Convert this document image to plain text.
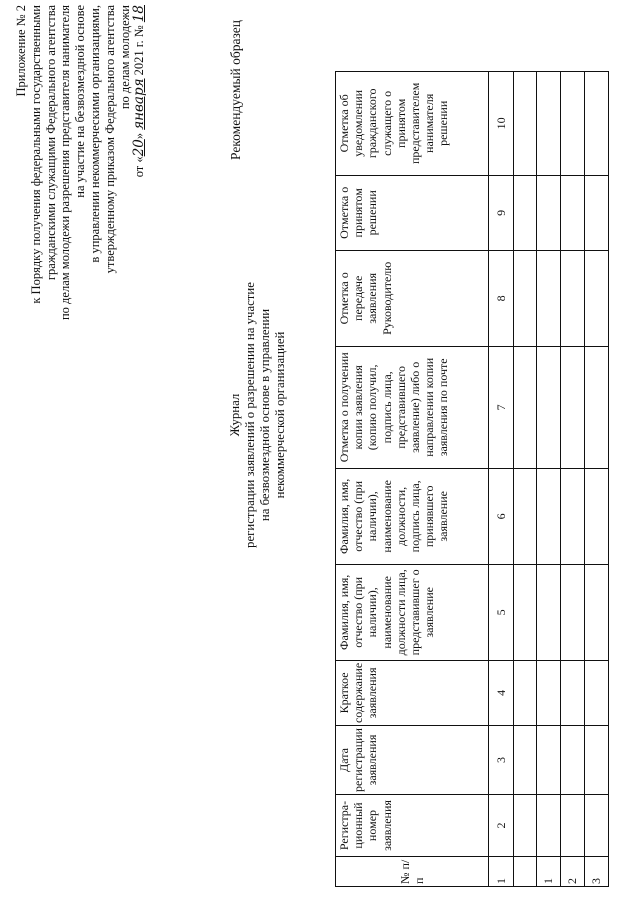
Приложение № 2 к Порядку получения федеральными государственными гражданскими служащими Федерального агентства по делам молодежи разрешения представителя нанимателя на участие на безвозмездной основе в управлении некоммерческими организациями, утвержденному приказом Федерального агентства по делам молодежи
от «20» января 2021 г. № 18
Рекомендуемый образец
Журнал регистрации заявлений о разрешении на участие на безвозмездной основе в управлении некоммерческой организацией
№ п/п	Регистра-ционный номер заявления	Дата регистрации заявления	Краткое содержание заявления	Фамилия, имя, отчество (при наличии), наименование должности лица, представившег о заявление	Фамилия, имя, отчество (при наличии), наименование должности, подпись лица, принявшего заявление	Отметка о получении копии заявления (копию получил, подпись лица, представившего заявление) либо о направлении копии заявления по почте	Отметка о передаче заявления Руководителю	Отметка о принятом решении	Отметка об уведомлении гражданского служащего о принятом представителем нанимателя решении
1	2	3	4	5	6	7	8	9	10

1									
2									
3									
